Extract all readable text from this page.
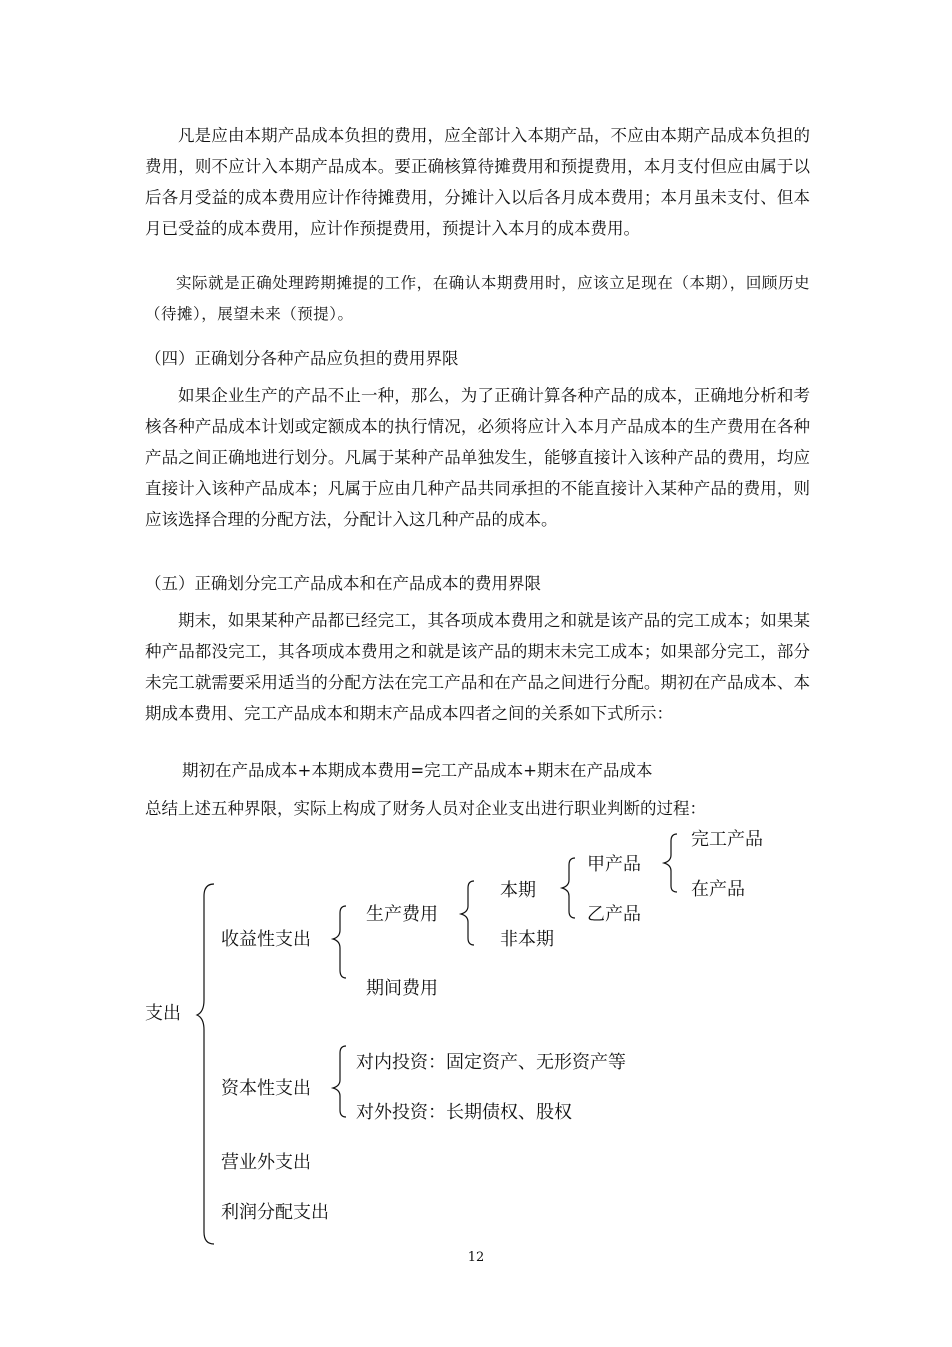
凡是应由本期产品成本负担的费用，应全部计入本期产品，不应由本期产品成本负担的费用，则不应计入本期产品成本。要正确核算待摊费用和预提费用，本月支付但应由属于以后各月受益的成本费用应计作待摊费用，分摊计入以后各月成本费用；本月虽未支付、但本月已受益的成本费用，应计作预提费用，预提计入本月的成本费用。

实际就是正确处理跨期摊提的工作，在确认本期费用时，应该立足现在（本期），回顾历史（待摊），展望未来（预提）。

（四）正确划分各种产品应负担的费用界限

如果企业生产的产品不止一种，那么，为了正确计算各种产品的成本，正确地分析和考核各种产品成本计划或定额成本的执行情况，必须将应计入本月产品成本的生产费用在各种产品之间正确地进行划分。凡属于某种产品单独发生，能够直接计入该种产品的费用，均应直接计入该种产品成本；凡属于应由几种产品共同承担的不能直接计入某种产品的费用，则应该选择合理的分配方法，分配计入这几种产品的成本。

（五）正确划分完工产品成本和在产品成本的费用界限

期末，如果某种产品都已经完工，其各项成本费用之和就是该产品的完工成本；如果某种产品都没完工，其各项成本费用之和就是该产品的期末未完工成本；如果部分完工，部分未完工就需要采用适当的分配方法在完工产品和在产品之间进行分配。期初在产品成本、本期成本费用、完工产品成本和期末产品成本四者之间的关系如下式所示：

期初在产品成本+本期成本费用=完工产品成本+期末在产品成本

总结上述五种界限，实际上构成了财务人员对企业支出进行职业判断的过程：

支出
收益性支出
生产费用
本期
非本期
甲产品
乙产品
完工产品
在产品
期间费用
资本性支出
对内投资：固定资产、无形资产等
对外投资：长期债权、股权
营业外支出
利润分配支出
12
